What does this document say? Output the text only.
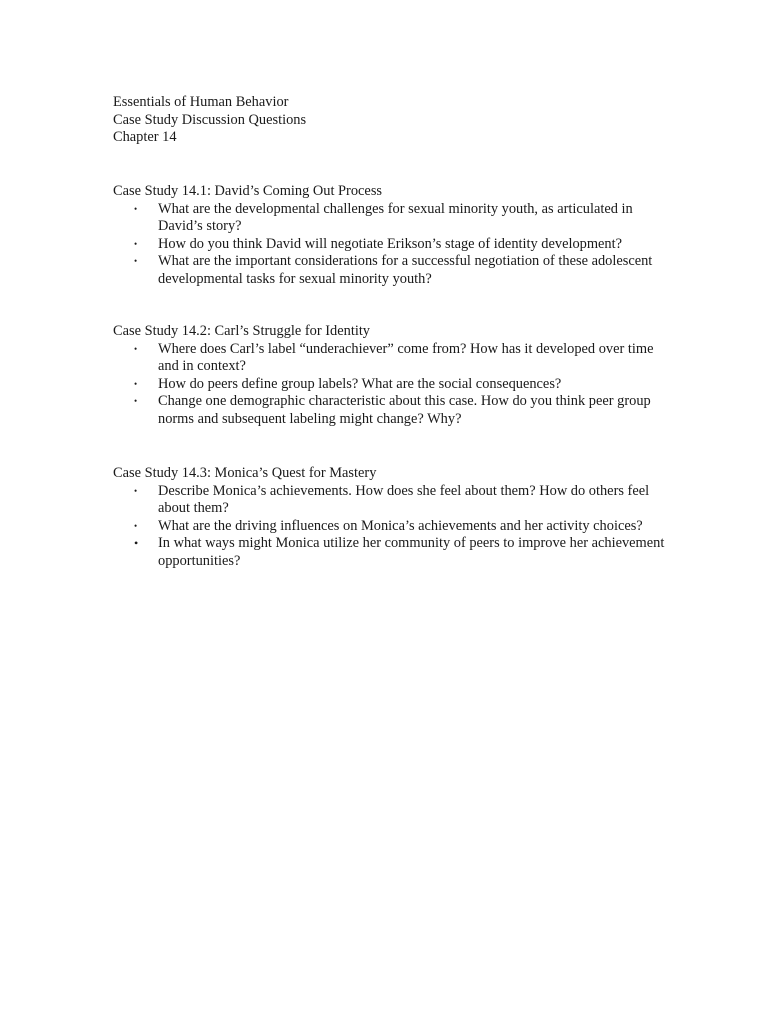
Essentials of Human Behavior
Case Study Discussion Questions
Chapter 14
Case Study 14.1: David’s Coming Out Process
• What are the developmental challenges for sexual minority youth, as articulated in David’s story?
• How do you think David will negotiate Erikson’s stage of identity development?
• What are the important considerations for a successful negotiation of these adolescent developmental tasks for sexual minority youth?
Case Study 14.2: Carl’s Struggle for Identity
• Where does Carl’s label “underachiever” come from? How has it developed over time and in context?
• How do peers define group labels? What are the social consequences?
• Change one demographic characteristic about this case. How do you think peer group norms and subsequent labeling might change? Why?
Case Study 14.3: Monica’s Quest for Mastery
• Describe Monica’s achievements. How does she feel about them? How do others feel about them?
• What are the driving influences on Monica’s achievements and her activity choices?
• In what ways might Monica utilize her community of peers to improve her achievement opportunities?
